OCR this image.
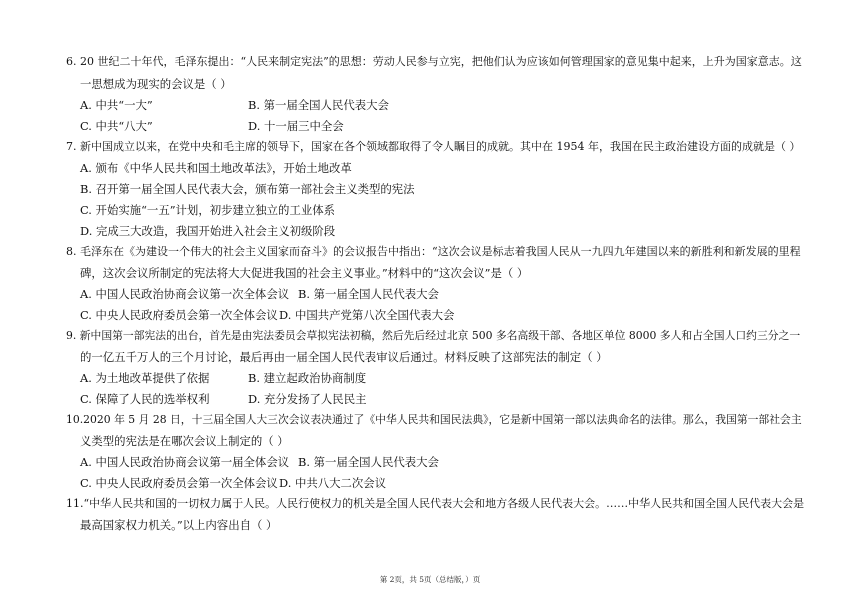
6. 20 世纪二十年代，毛泽东提出：“人民来制定宪法”的思想：劳动人民参与立宪，把他们认为应该如何管理国家的意见集中起来，上升为国家意志。这
一思想成为现实的会议是（ ）
A. 中共“一大”	B. 第一届全国人民代表大会
C. 中共“八大”	D. 十一届三中全会
7. 新中国成立以来，在党中央和毛主席的领导下，国家在各个领域都取得了令人瞩目的成就。其中在 1954 年，我国在民主政治建设方面的成就是（ ）
A. 颁布《中华人民共和国土地改革法》，开始土地改革
B. 召开第一届全国人民代表大会，颁布第一部社会主义类型的宪法
C. 开始实施“一五”计划，初步建立独立的工业体系
D. 完成三大改造，我国开始进入社会主义初级阶段
8. 毛泽东在《为建设一个伟大的社会主义国家而奋斗》的会议报告中指出：“这次会议是标志着我国人民从一九四九年建国以来的新胜利和新发展的里程
碑，这次会议所制定的宪法将大大促进我国的社会主义事业。”材料中的“这次会议”是（ ）
A. 中国人民政治协商会议第一次全体会议 B. 第一届全国人民代表大会
C. 中央人民政府委员会第一次全体会议 D. 中国共产党第八次全国代表大会
9. 新中国第一部宪法的出台，首先是由宪法委员会草拟宪法初稿，然后先后经过北京 500 多名高级干部、各地区单位 8000 多人和占全国人口约三分之一
的一亿五千万人的三个月讨论，最后再由一届全国人民代表审议后通过。材料反映了这部宪法的制定（ ）
A. 为土地改革提供了依据	B. 建立起政治协商制度
C. 保障了人民的选举权利	D. 充分发扬了人民民主
10.2020 年 5 月 28 日，十三届全国人大三次会议表决通过了《中华人民共和国民法典》，它是新中国第一部以法典命名的法律。那么，我国第一部社会主
义类型的宪法是在哪次会议上制定的（ ）
A. 中国人民政治协商会议第一届全体会议 B. 第一届全国人民代表大会
C. 中央人民政府委员会第一次全体会议 D. 中共八大二次会议
11.“中华人民共和国的一切权力属于人民。人民行使权力的机关是全国人民代表大会和地方各级人民代表大会。……中华人民共和国全国人民代表大会是
最高国家权力机关。”以上内容出自（ ）
第 2页，共 5页（总结版，）页
